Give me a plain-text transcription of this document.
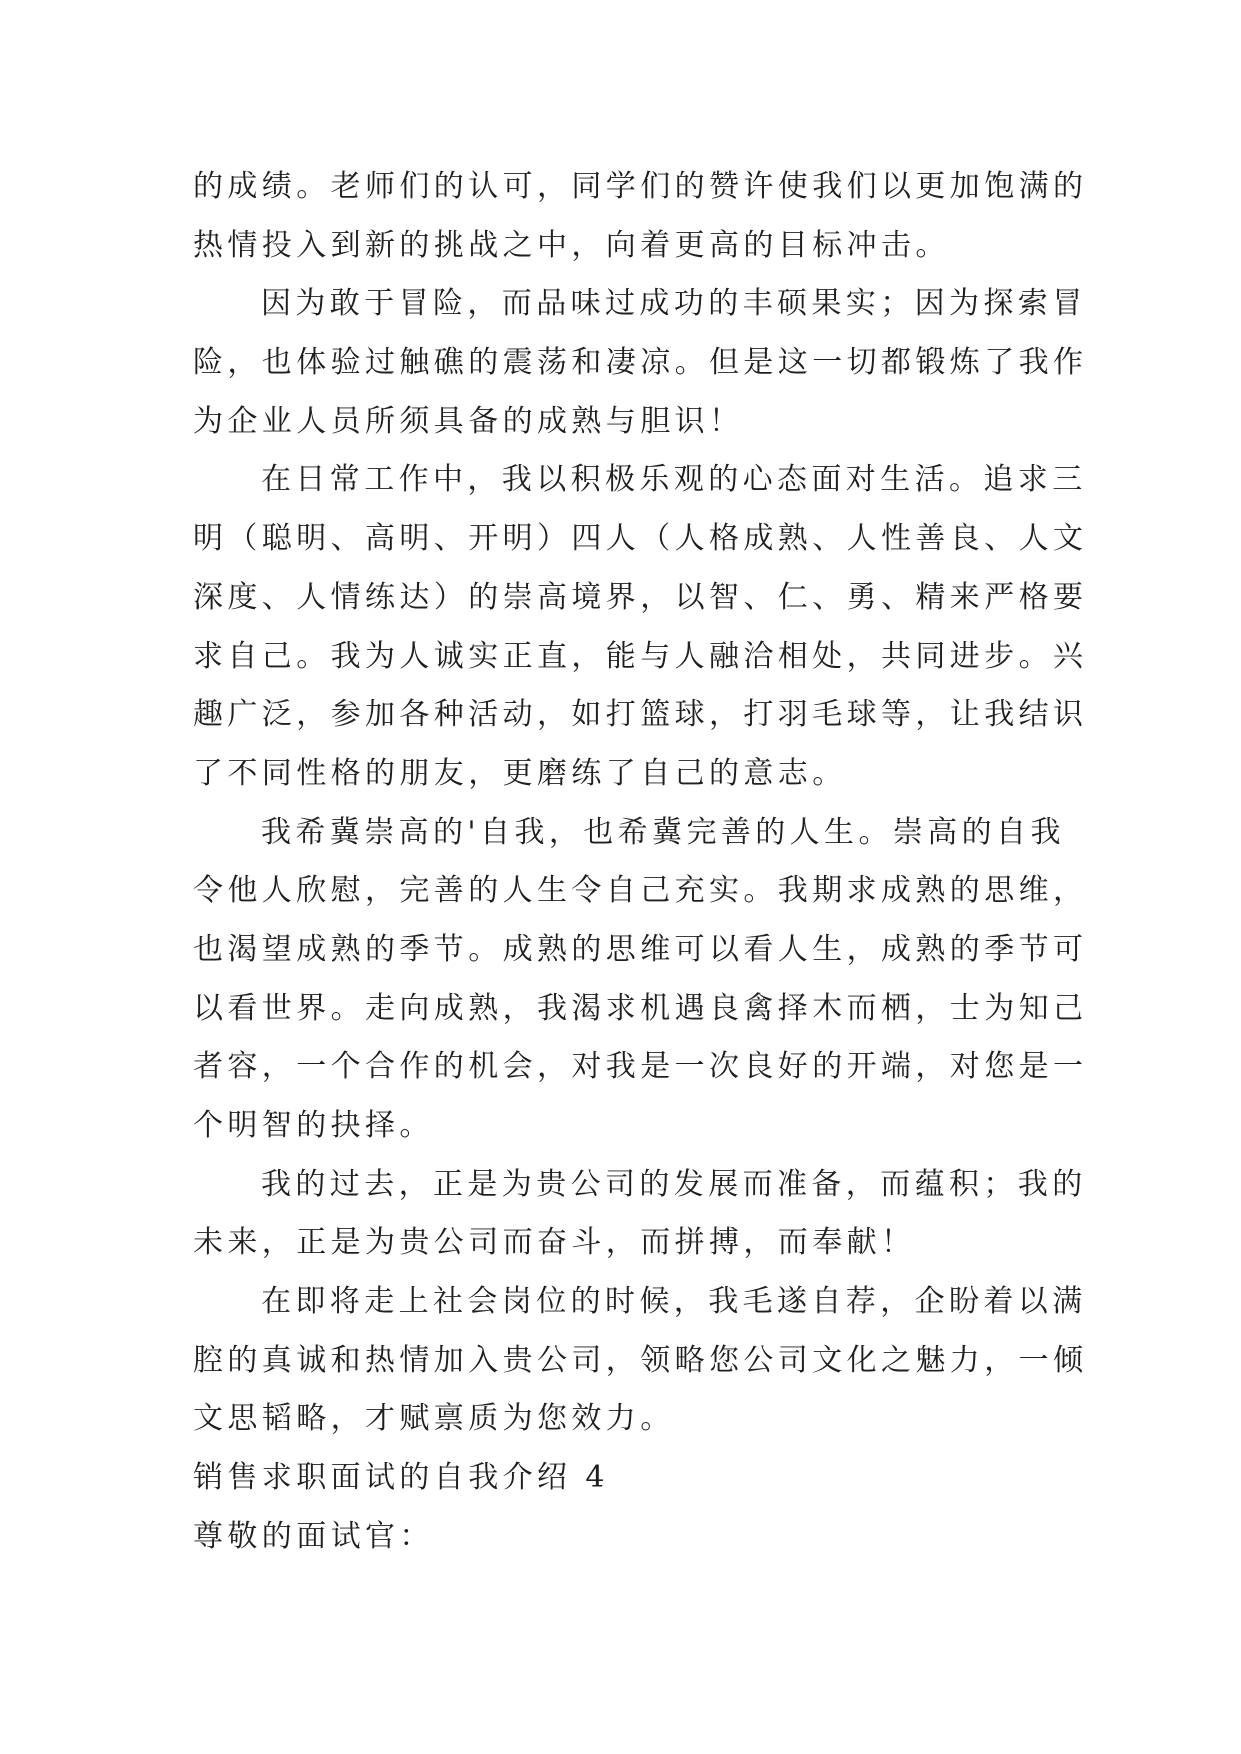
的成绩。老师们的认可，同学们的赞许使我们以更加饱满的
热情投入到新的挑战之中，向着更高的目标冲击。
因为敢于冒险，而品味过成功的丰硕果实；因为探索冒
险，也体验过触礁的震荡和凄凉。但是这一切都锻炼了我作
为企业人员所须具备的成熟与胆识！
在日常工作中，我以积极乐观的心态面对生活。追求三
明（聪明、高明、开明）四人（人格成熟、人性善良、人文
深度、人情练达）的崇高境界，以智、仁、勇、精来严格要
求自己。我为人诚实正直，能与人融洽相处，共同进步。兴
趣广泛，参加各种活动，如打篮球，打羽毛球等，让我结识
了不同性格的朋友，更磨练了自己的意志。
我希冀崇高的'自我，也希冀完善的人生。崇高的自我
令他人欣慰，完善的人生令自己充实。我期求成熟的思维，
也渴望成熟的季节。成熟的思维可以看人生，成熟的季节可
以看世界。走向成熟，我渴求机遇良禽择木而栖，士为知己
者容，一个合作的机会，对我是一次良好的开端，对您是一
个明智的抉择。
我的过去，正是为贵公司的发展而准备，而蕴积；我的
未来，正是为贵公司而奋斗，而拼搏，而奉献！
在即将走上社会岗位的时候，我毛遂自荐，企盼着以满
腔的真诚和热情加入贵公司，领略您公司文化之魅力，一倾
文思韬略，才赋禀质为您效力。
销售求职面试的自我介绍 4
尊敬的面试官：
